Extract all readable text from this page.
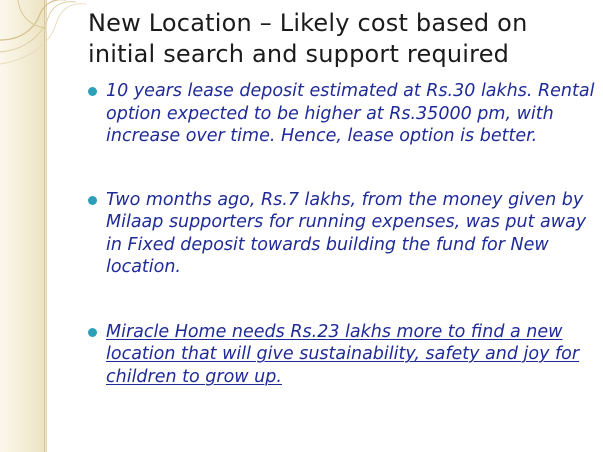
New Location – Likely cost based on initial search and support required
10 years lease deposit estimated at Rs.30 lakhs. Rental option expected to be higher at Rs.35000 pm, with increase over time. Hence, lease option is better.
Two months ago, Rs.7 lakhs, from the money given by Milaap supporters for running expenses, was put away in Fixed deposit towards building the fund for New location.
Miracle Home needs Rs.23 lakhs more to find a new location that will give sustainability, safety and joy for children to grow up.
